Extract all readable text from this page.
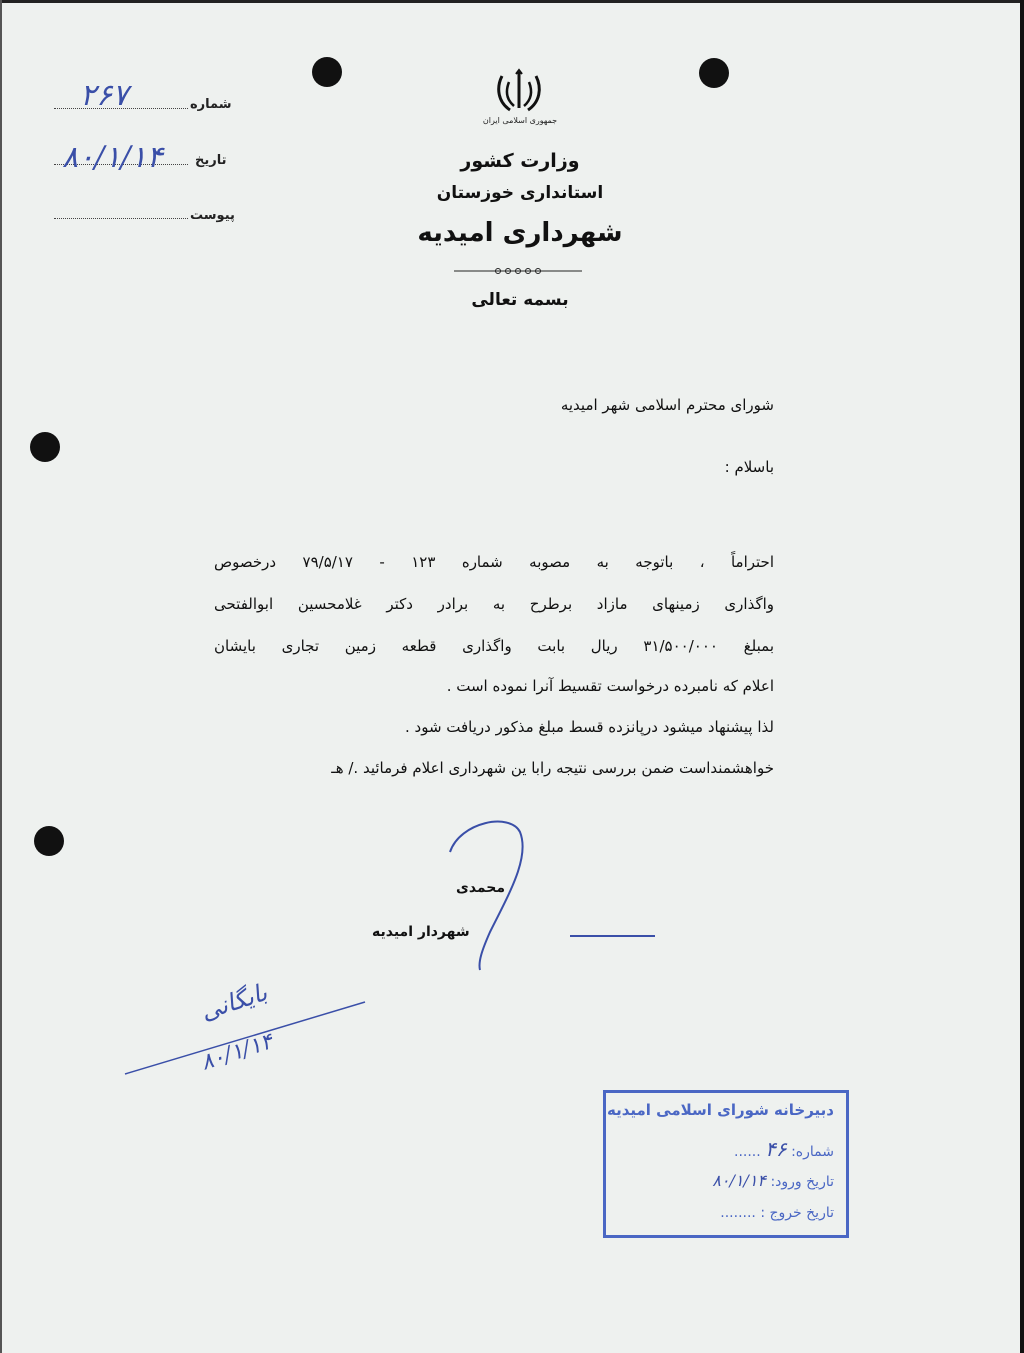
شماره
۲۶۷
تاریخ
۸۰/۱/۱۴
پیوست
جمهوری اسلامی ایران
وزارت کشور
استانداری خوزستان
شهرداری امیدیه
بسمه تعالی
شورای محترم اسلامی شهر امیدیه
باسلام :
احتراماً ، باتوجه به مصوبه شماره ۱۲۳ - ۷۹/۵/۱۷ درخصوص
واگذاری زمینهای مازاد برطرح به برادر دکتر غلامحسین ابوالفتحی
بمبلغ ۳۱/۵۰۰/۰۰۰ ریال بابت واگذاری قطعه زمین تجاری بایشان
اعلام که نامبرده درخواست تقسیط آنرا نموده است .
لذا پیشنهاد میشود درپانزده قسط مبلغ مذکور دریافت شود .
خواهشمنداست ضمن بررسی نتیجه رابا ین شهرداری اعلام فرمائید ./ هـ
محمدی
شهردار امیدیه
بایگانی
۸۰/۱/۱۴
دبیرخانه شورای اسلامی امیدیه
شماره: ۴۶ ......
تاریخ ورود: ۸۰/۱/۱۴
تاریخ خروج : ........
